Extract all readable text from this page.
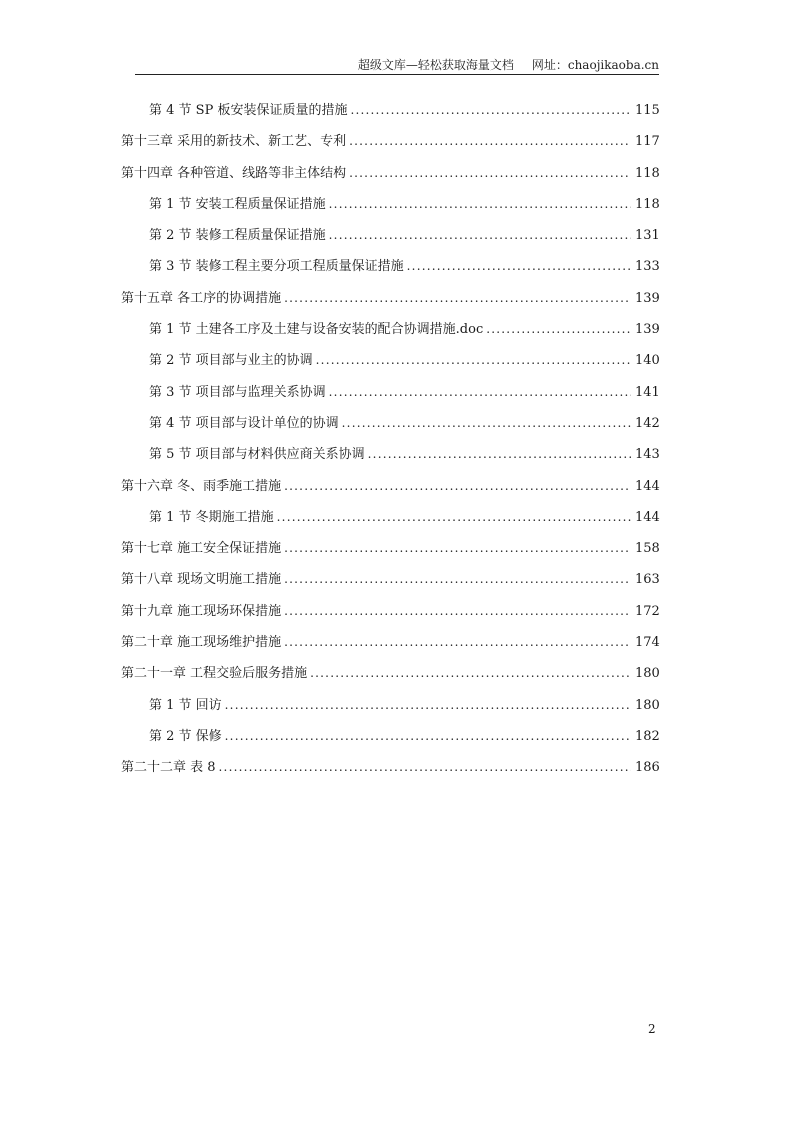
超级文库—轻松获取海量文档 网址：chaojikaoba.cn
第 4 节 SP 板安装保证质量的措施 .....	115
第十三章 采用的新技术、新工艺、专利 .....	117
第十四章 各种管道、线路等非主体结构 .....	118
第 1 节 安装工程质量保证措施 .....	118
第 2 节 装修工程质量保证措施 .....	131
第 3 节 装修工程主要分项工程质量保证措施 .....	133
第十五章 各工序的协调措施 .....	139
第 1 节 土建各工序及土建与设备安装的配合协调措施.doc .....	139
第 2 节 项目部与业主的协调 .....	140
第 3 节 项目部与监理关系协调 .....	141
第 4 节 项目部与设计单位的协调 .....	142
第 5 节 项目部与材料供应商关系协调 .....	143
第十六章 冬、雨季施工措施 .....	144
第 1 节 冬期施工措施 .....	144
第十七章 施工安全保证措施 .....	158
第十八章 现场文明施工措施 .....	163
第十九章 施工现场环保措施 .....	172
第二十章 施工现场维护措施 .....	174
第二十一章 工程交验后服务措施 .....	180
第 1 节 回访 .....	180
第 2 节 保修 .....	182
第二十二章 表 8 .....	186
2
